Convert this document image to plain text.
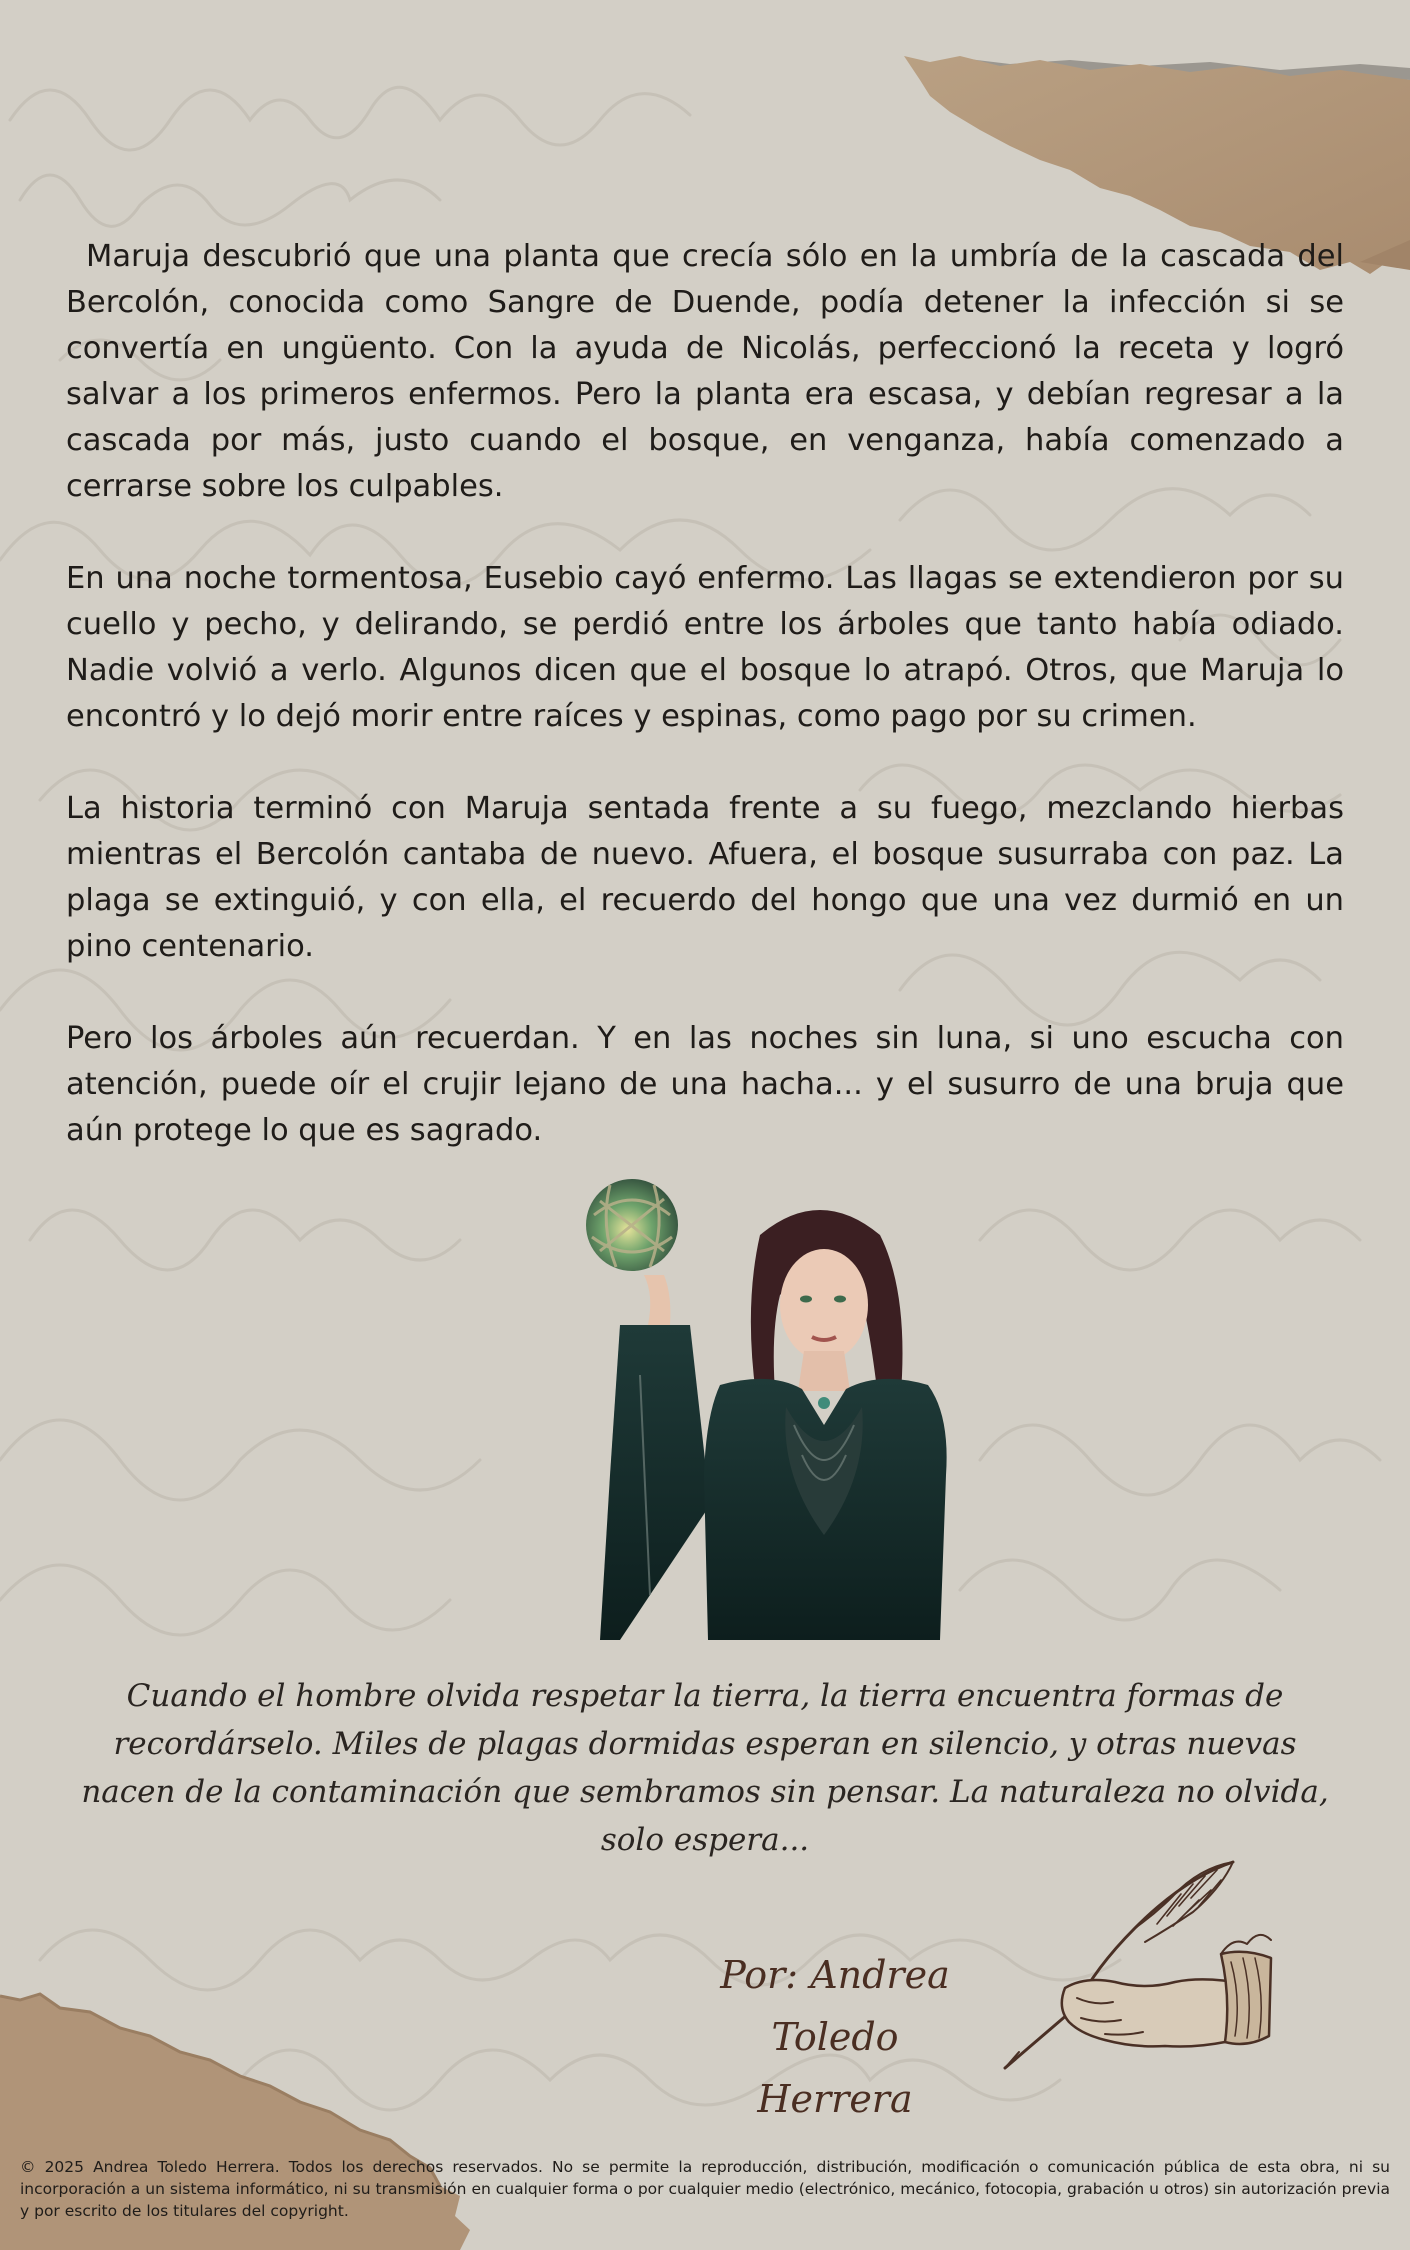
Maruja descubrió que una planta que crecía sólo en la umbría de la cascada del Bercolón, conocida como Sangre de Duende, podía detener la infección si se convertía en ungüento. Con la ayuda de Nicolás, perfeccionó la receta y logró salvar a los primeros enfermos. Pero la planta era escasa, y debían regresar a la cascada por más, justo cuando el bosque, en venganza, había comenzado a cerrarse sobre los culpables.

En una noche tormentosa, Eusebio cayó enfermo. Las llagas se extendieron por su cuello y pecho, y delirando, se perdió entre los árboles que tanto había odiado. Nadie volvió a verlo. Algunos dicen que el bosque lo atrapó. Otros, que Maruja lo encontró y lo dejó morir entre raíces y espinas, como pago por su crimen.

La historia terminó con Maruja sentada frente a su fuego, mezclando hierbas mientras el Bercolón cantaba de nuevo. Afuera, el bosque susurraba con paz. La plaga se extinguió, y con ella, el recuerdo del hongo que una vez durmió en un pino centenario.

Pero los árboles aún recuerdan. Y en las noches sin luna, si uno escucha con atención, puede oír el crujir lejano de una hacha... y el susurro de una bruja que aún protege lo que es sagrado.

Cuando el hombre olvida respetar la tierra, la tierra encuentra formas de recordárselo. Miles de plagas dormidas esperan en silencio, y otras nuevas nacen de la contaminación que sembramos sin pensar. La naturaleza no olvida, solo espera...
Por: Andrea Toledo
Herrera
© 2025 Andrea Toledo Herrera. Todos los derechos reservados. No se permite la reproducción, distribución, modificación o comunicación pública de esta obra, ni su incorporación a un sistema informático, ni su transmisión en cualquier forma o por cualquier medio (electrónico, mecánico, fotocopia, grabación u otros) sin autorización previa y por escrito de los titulares del copyright.
